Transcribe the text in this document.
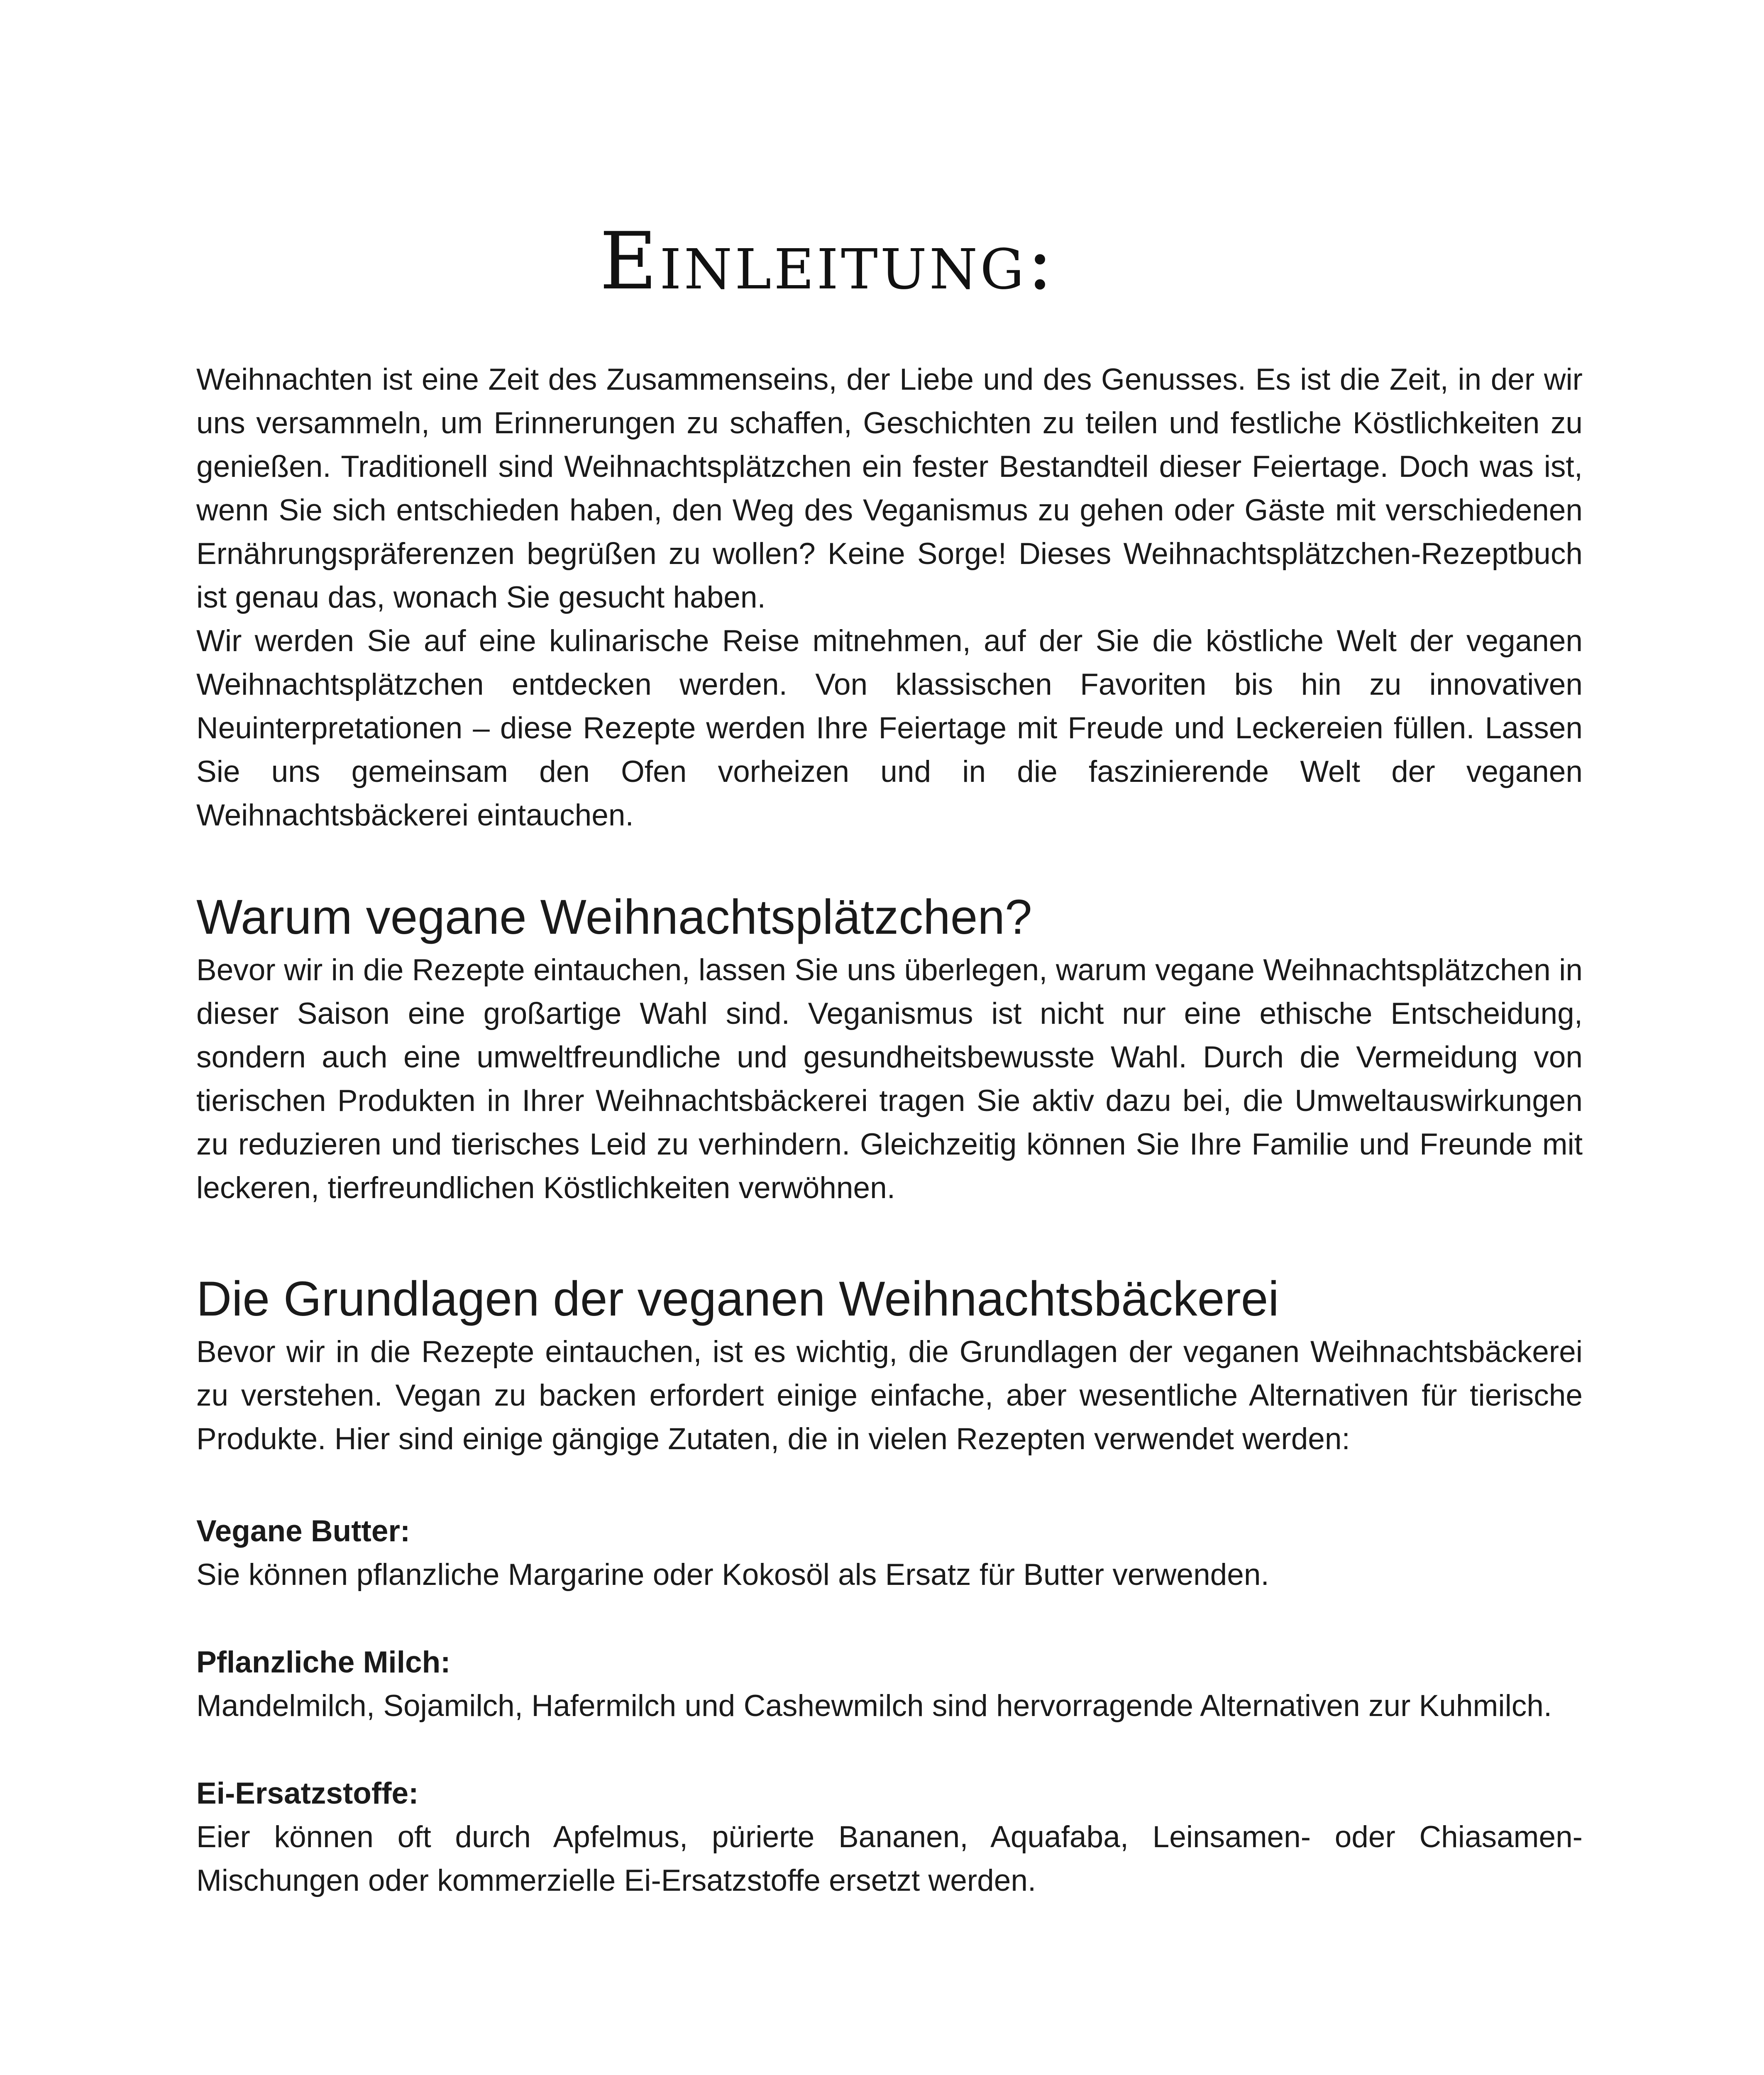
Einleitung:

Weihnachten ist eine Zeit des Zusammenseins, der Liebe und des Genusses. Es ist die Zeit, in der wir uns versammeln, um Erinnerungen zu schaffen, Geschichten zu teilen und festliche Köstlichkeiten zu genießen. Traditionell sind Weihnachtsplätzchen ein fester Bestandteil dieser Feiertage. Doch was ist, wenn Sie sich entschieden haben, den Weg des Veganismus zu gehen oder Gäste mit verschiedenen Ernährungspräferenzen begrüßen zu wollen? Keine Sorge! Dieses Weihnachtsplätzchen-Rezeptbuch ist genau das, wonach Sie gesucht haben.

Wir werden Sie auf eine kulinarische Reise mitnehmen, auf der Sie die köstliche Welt der veganen Weihnachtsplätzchen entdecken werden. Von klassischen Favoriten bis hin zu innovativen Neuinterpretationen – diese Rezepte werden Ihre Feiertage mit Freude und Leckereien füllen. Lassen Sie uns gemeinsam den Ofen vorheizen und in die faszinierende Welt der veganen Weihnachtsbäckerei eintauchen.

Warum vegane Weihnachtsplätzchen?

Bevor wir in die Rezepte eintauchen, lassen Sie uns überlegen, warum vegane Weihnachtsplätzchen in dieser Saison eine großartige Wahl sind. Veganismus ist nicht nur eine ethische Entscheidung, sondern auch eine umweltfreundliche und gesundheitsbewusste Wahl. Durch die Vermeidung von tierischen Produkten in Ihrer Weihnachtsbäckerei tragen Sie aktiv dazu bei, die Umweltauswirkungen zu reduzieren und tierisches Leid zu verhindern. Gleichzeitig können Sie Ihre Familie und Freunde mit leckeren, tierfreundlichen Köstlichkeiten verwöhnen.

Die Grundlagen der veganen Weihnachtsbäckerei

Bevor wir in die Rezepte eintauchen, ist es wichtig, die Grundlagen der veganen Weihnachtsbäckerei zu verstehen. Vegan zu backen erfordert einige einfache, aber wesentliche Alternativen für tierische Produkte. Hier sind einige gängige Zutaten, die in vielen Rezepten verwendet werden:

Vegane Butter:

Sie können pflanzliche Margarine oder Kokosöl als Ersatz für Butter verwenden.

Pflanzliche Milch:

Mandelmilch, Sojamilch, Hafermilch und Cashewmilch sind hervorragende Alternativen zur Kuhmilch.

Ei-Ersatzstoffe:

Eier können oft durch Apfelmus, pürierte Bananen, Aquafaba, Leinsamen- oder Chiasamen-Mischungen oder kommerzielle Ei-Ersatzstoffe ersetzt werden.
